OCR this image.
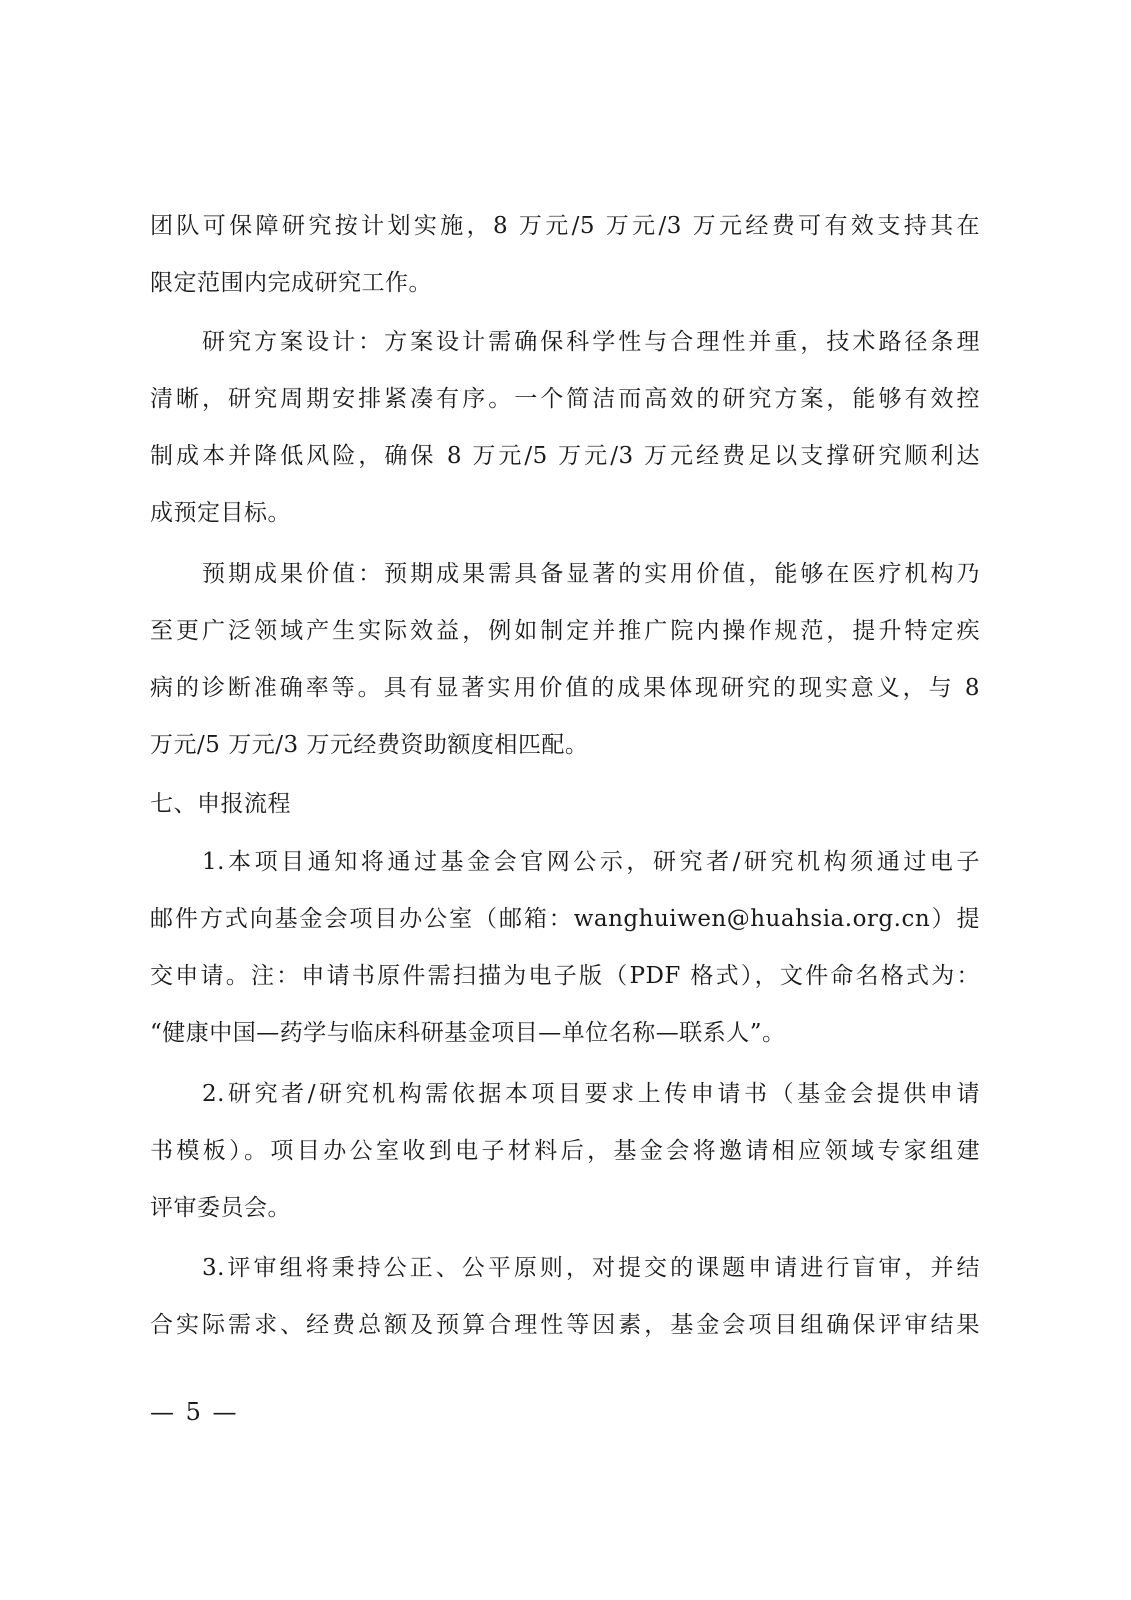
团队可保障研究按计划实施，8 万元/5 万元/3 万元经费可有效支持其在
限定范围内完成研究工作。
研究方案设计：方案设计需确保科学性与合理性并重，技术路径条理
清晰，研究周期安排紧凑有序。一个简洁而高效的研究方案，能够有效控
制成本并降低风险，确保 8 万元/5 万元/3 万元经费足以支撑研究顺利达
成预定目标。
预期成果价值：预期成果需具备显著的实用价值，能够在医疗机构乃
至更广泛领域产生实际效益，例如制定并推广院内操作规范，提升特定疾
病的诊断准确率等。具有显著实用价值的成果体现研究的现实意义，与 8
万元/5 万元/3 万元经费资助额度相匹配。
七、申报流程
1.本项目通知将通过基金会官网公示，研究者/研究机构须通过电子
邮件方式向基金会项目办公室（邮箱：wanghuiwen@huahsia.org.cn）提
交申请。注：申请书原件需扫描为电子版（PDF 格式），文件命名格式为：
“健康中国—药学与临床科研基金项目—单位名称—联系人”。
2.研究者/研究机构需依据本项目要求上传申请书（基金会提供申请
书模板）。项目办公室收到电子材料后，基金会将邀请相应领域专家组建
评审委员会。
3.评审组将秉持公正、公平原则，对提交的课题申请进行盲审，并结
合实际需求、经费总额及预算合理性等因素，基金会项目组确保评审结果
— 5 —
